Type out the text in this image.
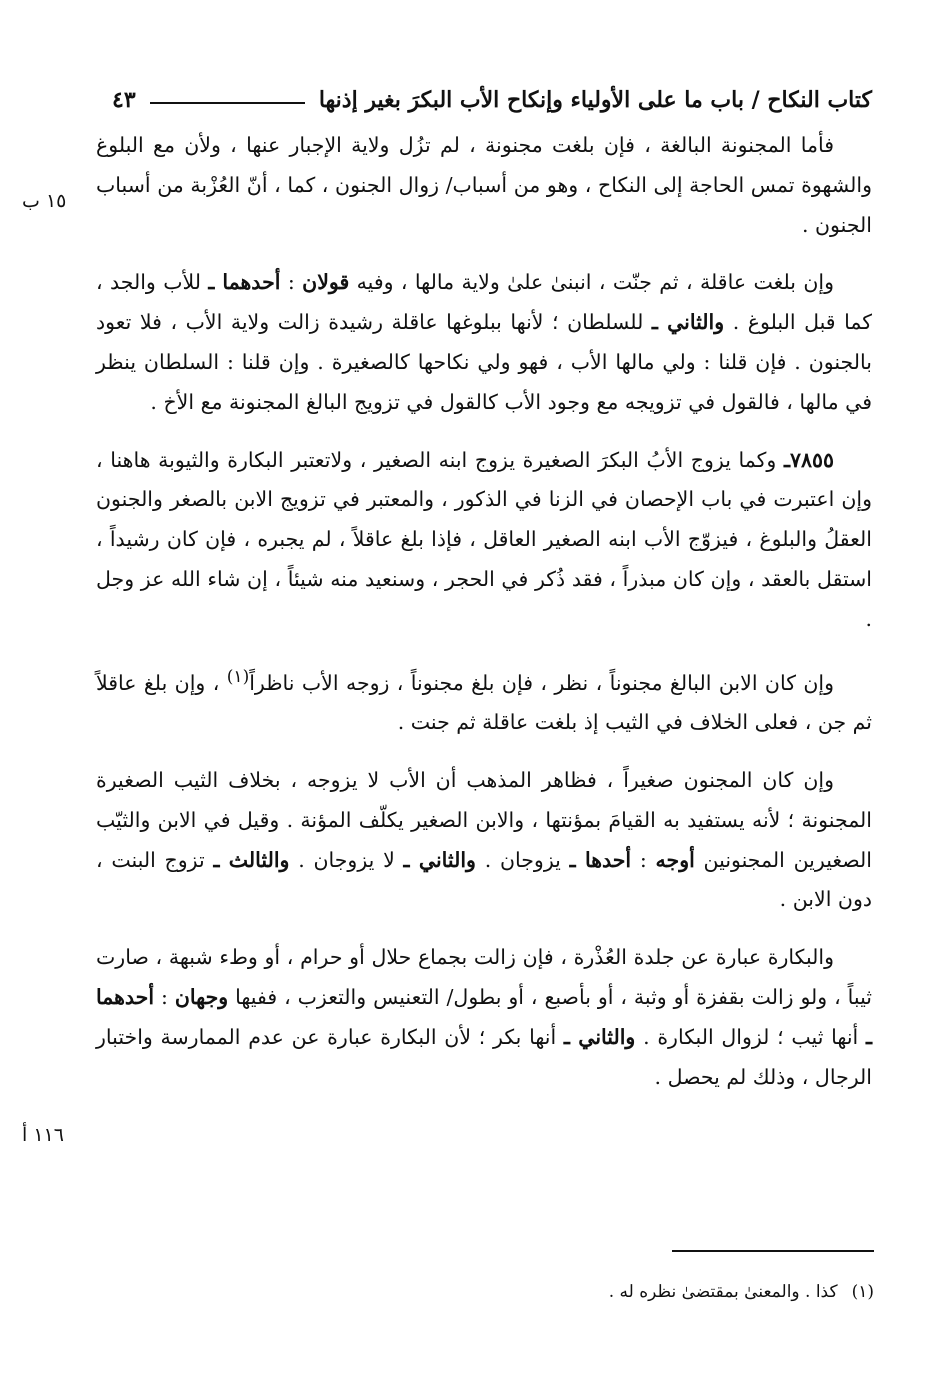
كتاب النكاح / باب ما على الأولياء وإنكاح الأب البكرَ بغير إذنها
٤٣

فأما المجنونة البالغة ، فإن بلغت مجنونة ، لم تزُل ولاية الإجبار عنها ، ولأن مع البلوغ والشهوة تمس الحاجة إلى النكاح ، وهو من أسباب/ زوال الجنون ، كما ، أنّ العُزْبة من أسباب الجنون .

وإن بلغت عاقلة ، ثم جنّت ، انبنىٰ علىٰ ولاية مالها ، وفيه قولان : أحدهما ـ للأب والجد ، كما قبل البلوغ . والثاني ـ للسلطان ؛ لأنها ببلوغها عاقلة رشيدة زالت ولاية الأب ، فلا تعود بالجنون . فإن قلنا : ولي مالها الأب ، فهو ولي نكاحها كالصغيرة . وإن قلنا : السلطان ينظر في مالها ، فالقول في تزويجه مع وجود الأب كالقول في تزويج البالغ المجنونة مع الأخ .

٧٨٥٥ـ وكما يزوج الأبُ البكرَ الصغيرة يزوج ابنه الصغير ، ولاتعتبر البكارة والثيوبة هاهنا ، وإن اعتبرت في باب الإحصان في الزنا في الذكور ، والمعتبر في تزويج الابن بالصغر والجنون العقلُ والبلوغ ، فيزوّج الأب ابنه الصغير العاقل ، فإذا بلغ عاقلاً ، لم يجبره ، فإن كان رشيداً ، استقل بالعقد ، وإن كان مبذراً ، فقد ذُكر في الحجر ، وسنعيد منه شيئاً ، إن شاء الله عز وجل .

وإن كان الابن البالغ مجنوناً ، نظر ، فإن بلغ مجنوناً ، زوجه الأب ناظراً$^{(١)}$ ، وإن بلغ عاقلاً ثم جن ، فعلى الخلاف في الثيب إذ بلغت عاقلة ثم جنت .

وإن كان المجنون صغيراً ، فظاهر المذهب أن الأب لا يزوجه ، بخلاف الثيب الصغيرة المجنونة ؛ لأنه يستفيد به القيامَ بمؤنتها ، والابن الصغير يكلّف المؤنة . وقيل في الابن والثيّب الصغيرين المجنونين أوجه : أحدها ـ يزوجان . والثاني ـ لا يزوجان . والثالث ـ تزوج البنت ، دون الابن .

والبكارة عبارة عن جلدة العُذْرة ، فإن زالت بجماع حلال أو حرام ، أو وطء شبهة ، صارت ثيباً ، ولو زالت بقفزة أو وثبة ، أو بأصبع ، أو بطول/ التعنيس والتعزب ، ففيها وجهان : أحدهما ـ أنها ثيب ؛ لزوال البكارة . والثاني ـ أنها بكر ؛ لأن البكارة عبارة عن عدم الممارسة واختبار الرجال ، وذلك لم يحصل .

١٥ ب
١١٦ أ
(١)كذا . والمعنىٰ بمقتضىٰ نظره له .
